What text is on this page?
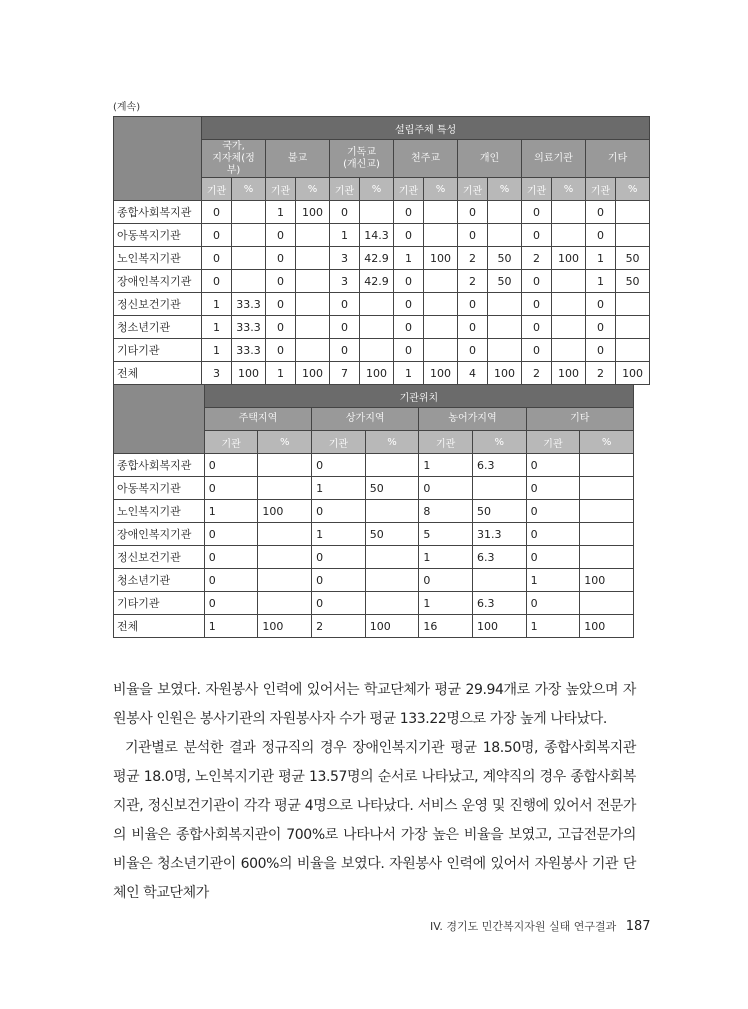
(계속)
	설립주체 특성													
	국가,
지자체(정부)		불교		기독교
(개신교)		천주교		개인		의료기관		기타	
	기관	%	기관	%	기관	%	기관	%	기관	%	기관	%	기관	%
종합사회복지관	0		1	100	0		0		0		0		0	
아동복지기관	0		0		1	14.3	0		0		0		0	
노인복지기관	0		0		3	42.9	1	100	2	50	2	100	1	50
장애인복지기관	0		0		3	42.9	0		2	50	0		1	50
정신보건기관	1	33.3	0		0		0		0		0		0	
청소년기관	1	33.3	0		0		0		0		0		0	
기타기관	1	33.3	0		0		0		0		0		0	
전체	3	100	1	100	7	100	1	100	4	100	2	100	2	100
	기관위치							
	주택지역		상가지역		농어가지역		기타	
	기관	%	기관	%	기관	%	기관	%
종합사회복지관	0		0		1	6.3	0	
아동복지기관	0		1	50	0		0	
노인복지기관	1	100	0		8	50	0	
장애인복지기관	0		1	50	5	31.3	0	
정신보건기관	0		0		1	6.3	0	
청소년기관	0		0		0		1	100
기타기관	0		0		1	6.3	0	
전체	1	100	2	100	16	100	1	100
비율을 보였다. 자원봉사 인력에 있어서는 학교단체가 평균 29.94개로 가장 높았으며 자원봉사 인원은 봉사기관의 자원봉사자 수가 평균 133.22명으로 가장 높게 나타났다.
기관별로 분석한 결과 정규직의 경우 장애인복지기관 평균 18.50명, 종합사회복지관 평균 18.0명, 노인복지기관 평균 13.57명의 순서로 나타났고, 계약직의 경우 종합사회복지관, 정신보건기관이 각각 평균 4명으로 나타났다. 서비스 운영 및 진행에 있어서 전문가의 비율은 종합사회복지관이 700%로 나타나서 가장 높은 비율을 보였고, 고급전문가의 비율은 청소년기관이 600%의 비율을 보였다. 자원봉사 인력에 있어서 자원봉사 기관 단체인 학교단체가
IV. 경기도 민간복지자원 실태 연구결과 187
